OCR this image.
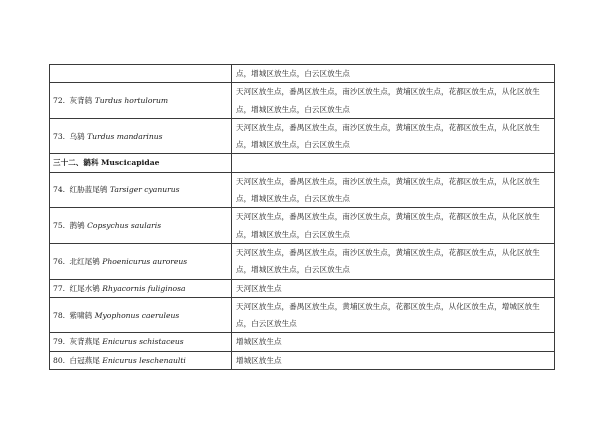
	点，增城区放生点，白云区放生点

72. 灰背鸫 Turdus hortulorum	天河区放生点，番禺区放生点，南沙区放生点，黄埔区放生点，花都区放生点，从化区放生
点，增城区放生点，白云区放生点

73. 乌鸫 Turdus mandarinus	天河区放生点，番禺区放生点，南沙区放生点，黄埔区放生点，花都区放生点，从化区放生
点，增城区放生点，白云区放生点

三十二、鹟科 Muscicapidae	
74. 红胁蓝尾鸲 Tarsiger cyanurus	天河区放生点，番禺区放生点，南沙区放生点，黄埔区放生点，花都区放生点，从化区放生
点，增城区放生点，白云区放生点

75. 鹊鸲 Copsychus saularis	天河区放生点，番禺区放生点，南沙区放生点，黄埔区放生点，花都区放生点，从化区放生
点，增城区放生点，白云区放生点

76. 北红尾鸲 Phoenicurus auroreus	天河区放生点，番禺区放生点，南沙区放生点，黄埔区放生点，花都区放生点，从化区放生
点，增城区放生点，白云区放生点

77. 红尾水鸲 Rhyacornis fuliginosa	天河区放生点

78. 紫啸鸫 Myophonus caeruleus	天河区放生点，番禺区放生点，黄埔区放生点，花都区放生点，从化区放生点，增城区放生
点，白云区放生点

79. 灰背燕尾 Enicurus schistaceus	增城区放生点

80. 白冠燕尾 Enicurus leschenaulti	增城区放生点
